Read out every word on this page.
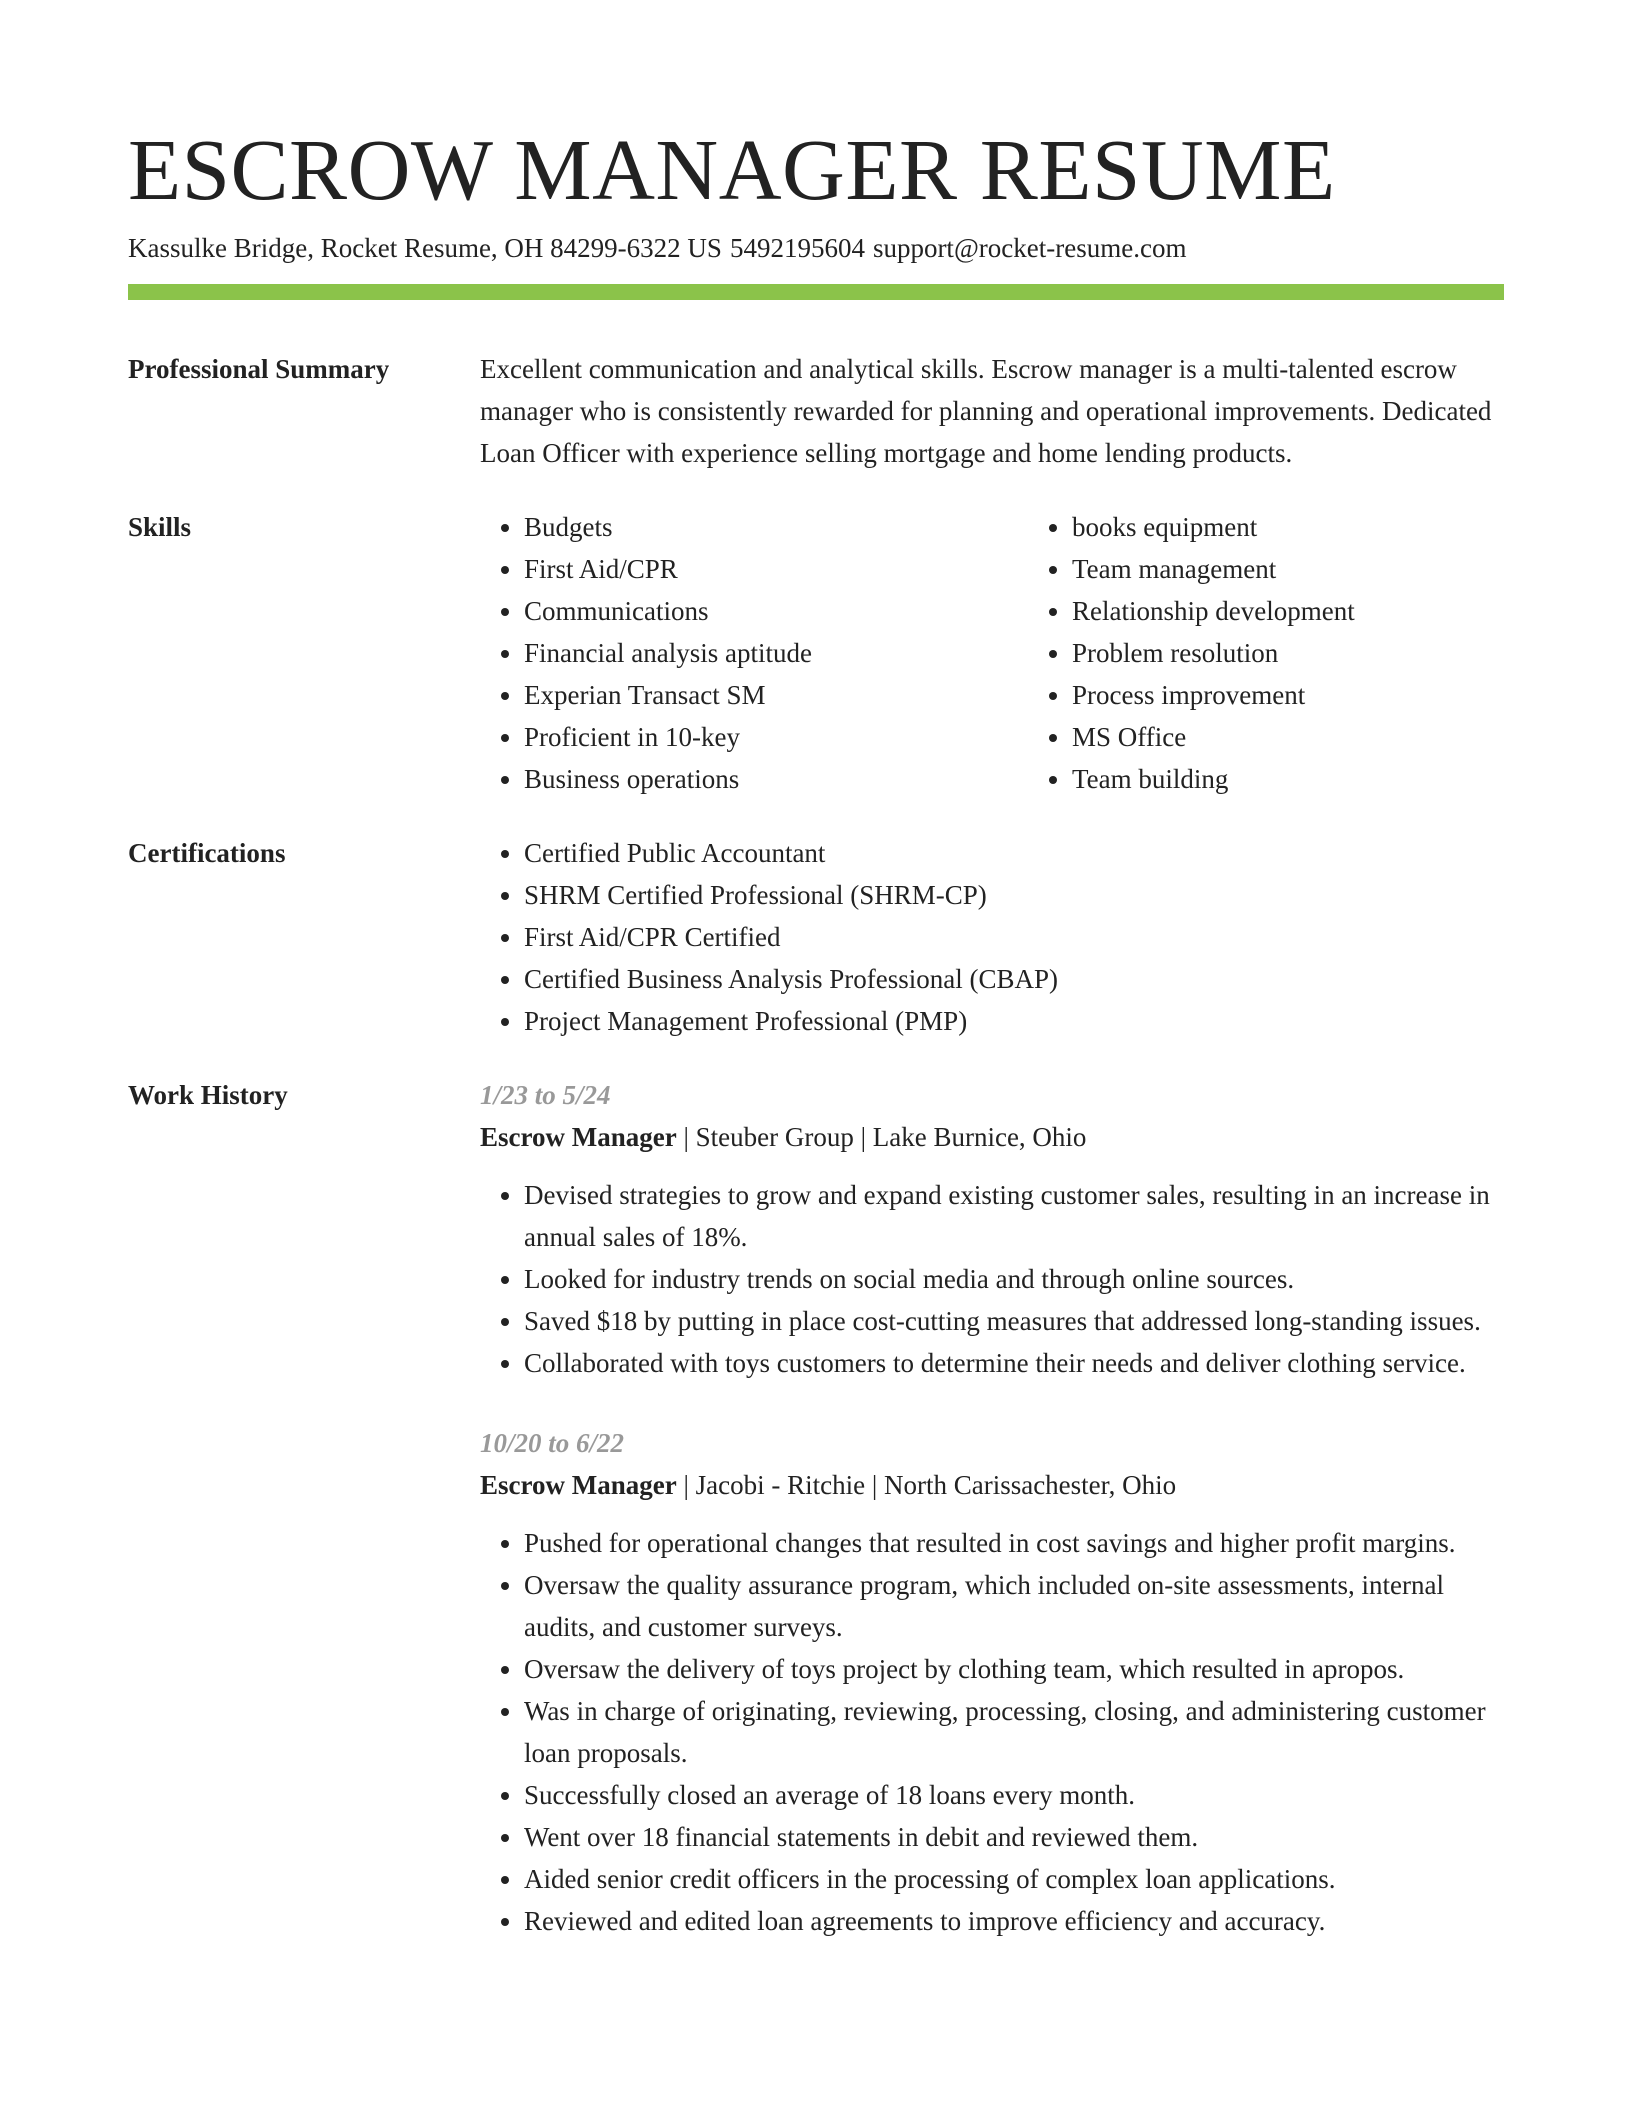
ESCROW MANAGER RESUME
Kassulke Bridge, Rocket Resume, OH 84299-6322 US 5492195604 support@rocket-resume.com
Professional Summary	Excellent communication and analytical skills. Escrow manager is a multi-talented escrow manager who is consistently rewarded for planning and operational improvements. Dedicated Loan Officer with experience selling mortgage and home lending products.
Skills	• Budgets
• First Aid/CPR
• Communications
• Financial analysis aptitude
• Experian Transact SM
• Proficient in 10-key
• Business operations
• books equipment
• Team management
• Relationship development
• Problem resolution
• Process improvement
• MS Office
• Team building
Certifications	• Certified Public Accountant
• SHRM Certified Professional (SHRM-CP)
• First Aid/CPR Certified
• Certified Business Analysis Professional (CBAP)
• Project Management Professional (PMP)
Work History	1/23 to 5/24
Escrow Manager | Steuber Group | Lake Burnice, Ohio
• Devised strategies to grow and expand existing customer sales, resulting in an increase in annual sales of 18%.
• Looked for industry trends on social media and through online sources.
• Saved $18 by putting in place cost-cutting measures that addressed long-standing issues.
• Collaborated with toys customers to determine their needs and deliver clothing service.
10/20 to 6/22
Escrow Manager | Jacobi - Ritchie | North Carissachester, Ohio
• Pushed for operational changes that resulted in cost savings and higher profit margins.
• Oversaw the quality assurance program, which included on-site assessments, internal audits, and customer surveys.
• Oversaw the delivery of toys project by clothing team, which resulted in apropos.
• Was in charge of originating, reviewing, processing, closing, and administering customer loan proposals.
• Successfully closed an average of 18 loans every month.
• Went over 18 financial statements in debit and reviewed them.
• Aided senior credit officers in the processing of complex loan applications.
• Reviewed and edited loan agreements to improve efficiency and accuracy.
